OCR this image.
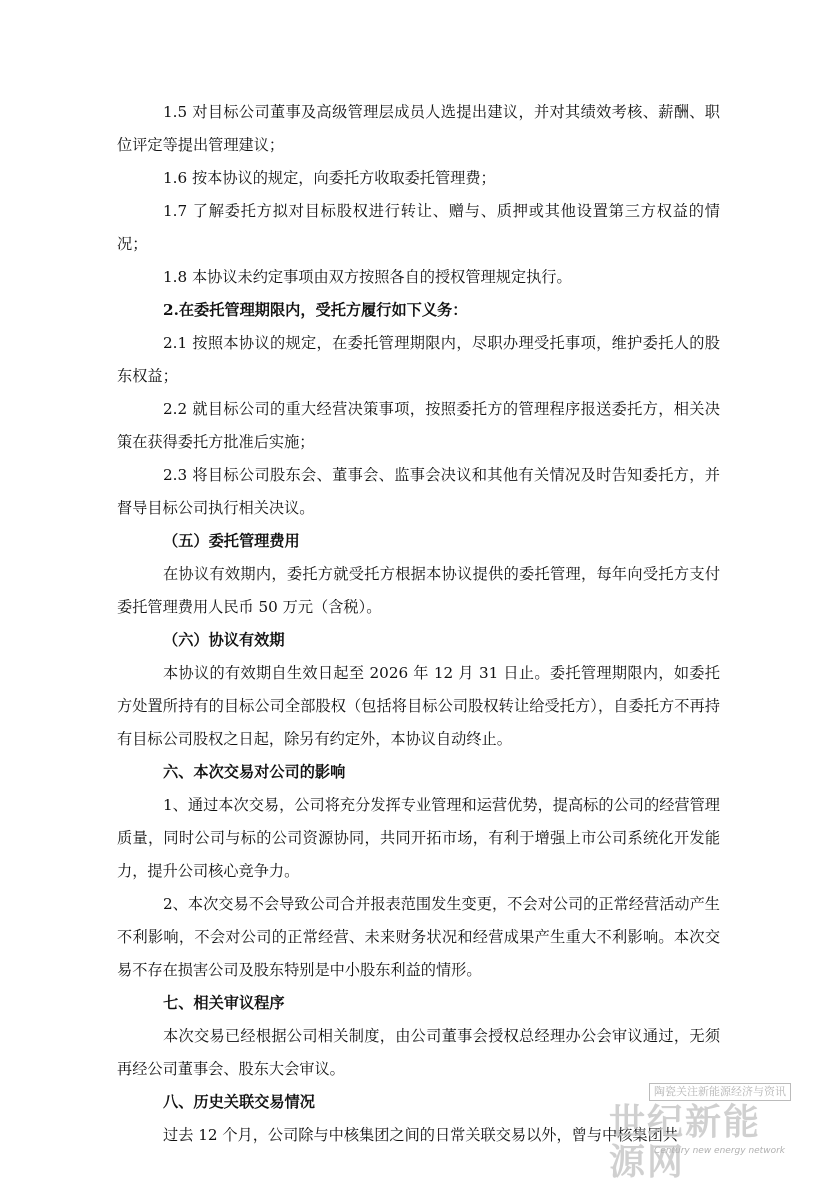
1.5 对目标公司董事及高级管理层成员人选提出建议，并对其绩效考核、薪酬、职位评定等提出管理建议；

1.6 按本协议的规定，向委托方收取委托管理费；

1.7 了解委托方拟对目标股权进行转让、赠与、质押或其他设置第三方权益的情况；

1.8 本协议未约定事项由双方按照各自的授权管理规定执行。

2.在委托管理期限内，受托方履行如下义务：

2.1 按照本协议的规定，在委托管理期限内，尽职办理受托事项，维护委托人的股东权益；

2.2 就目标公司的重大经营决策事项，按照委托方的管理程序报送委托方，相关决策在获得委托方批准后实施；

2.3 将目标公司股东会、董事会、监事会决议和其他有关情况及时告知委托方，并督导目标公司执行相关决议。

（五）委托管理费用

在协议有效期内，委托方就受托方根据本协议提供的委托管理，每年向受托方支付委托管理费用人民币 50 万元（含税）。

（六）协议有效期

本协议的有效期自生效日起至 2026 年 12 月 31 日止。委托管理期限内，如委托方处置所持有的目标公司全部股权（包括将目标公司股权转让给受托方），自委托方不再持有目标公司股权之日起，除另有约定外，本协议自动终止。

六、本次交易对公司的影响

1、通过本次交易，公司将充分发挥专业管理和运营优势，提高标的公司的经营管理质量，同时公司与标的公司资源协同，共同开拓市场，有利于增强上市公司系统化开发能力，提升公司核心竞争力。

2、本次交易不会导致公司合并报表范围发生变更，不会对公司的正常经营活动产生不利影响，不会对公司的正常经营、未来财务状况和经营成果产生重大不利影响。本次交易不存在损害公司及股东特别是中小股东利益的情形。

七、相关审议程序

本次交易已经根据公司相关制度，由公司董事会授权总经理办公会审议通过，无须再经公司董事会、股东大会审议。

八、历史关联交易情况

过去 12 个月，公司除与中核集团之间的日常关联交易以外，曾与中核集团共

陶瓷关注新能源经济与资讯
世纪新能源网
Century new energy network
